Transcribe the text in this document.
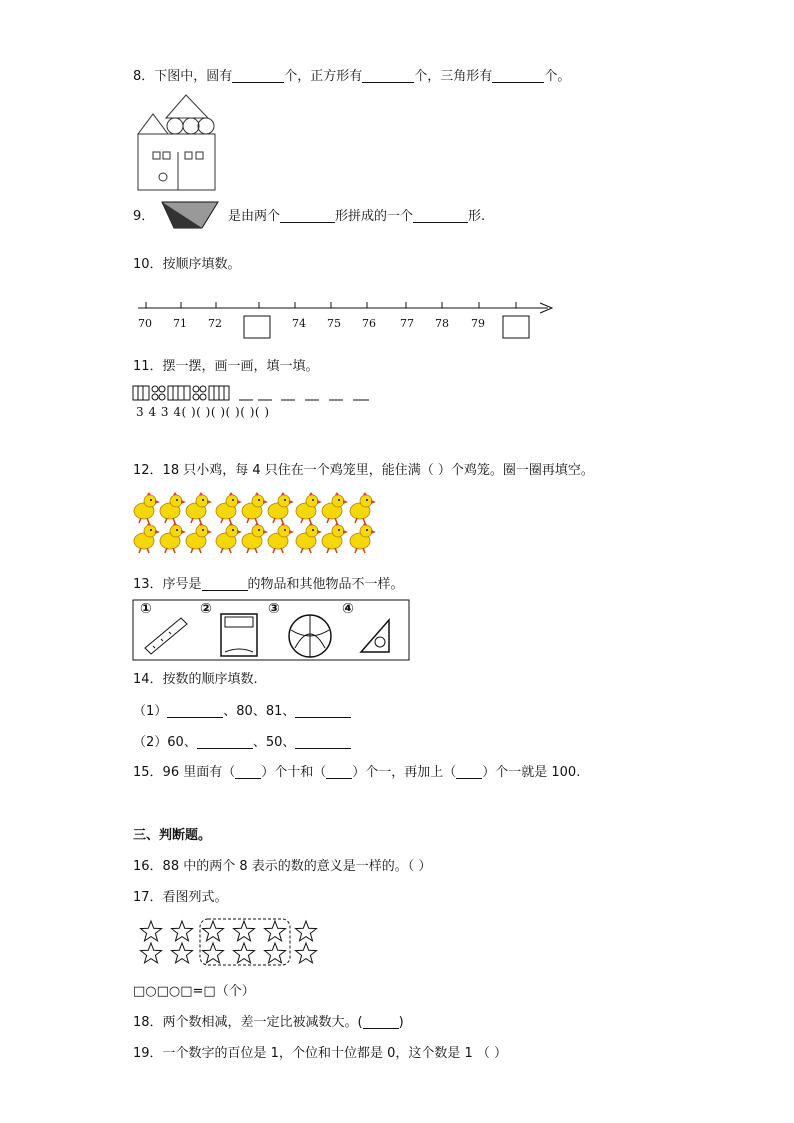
8．下图中，圆有	个，正方形有	个，三角形有	个。
9．	是由两个	形拼成的一个	形.
10．按顺序填数。
70 71 72	74 75 76 77 78 79
11．摆一摆，画一画，填一填。
3 4 3 4( )( )( )( )( )( )
12．18 只小鸡，每 4 只住在一个鸡笼里，能住满（ ）个鸡笼。圈一圈再填空。
13．序号是	的物品和其他物品不一样。
①	②	③	④
14．按数的顺序填数.
（1）	、80、81、
（2）60、	、50、
15．96 里面有（ ）个十和（ ）个一，再加上（ ）个一就是 100.
三、判断题。
16．88 中的两个 8 表示的数的意义是一样的。（ ）
17．看图列式。
□○□○□=□（个）
18．两个数相减，差一定比被减数大。(	)
19．一个数字的百位是 1，个位和十位都是 0，这个数是 1 （ ）
